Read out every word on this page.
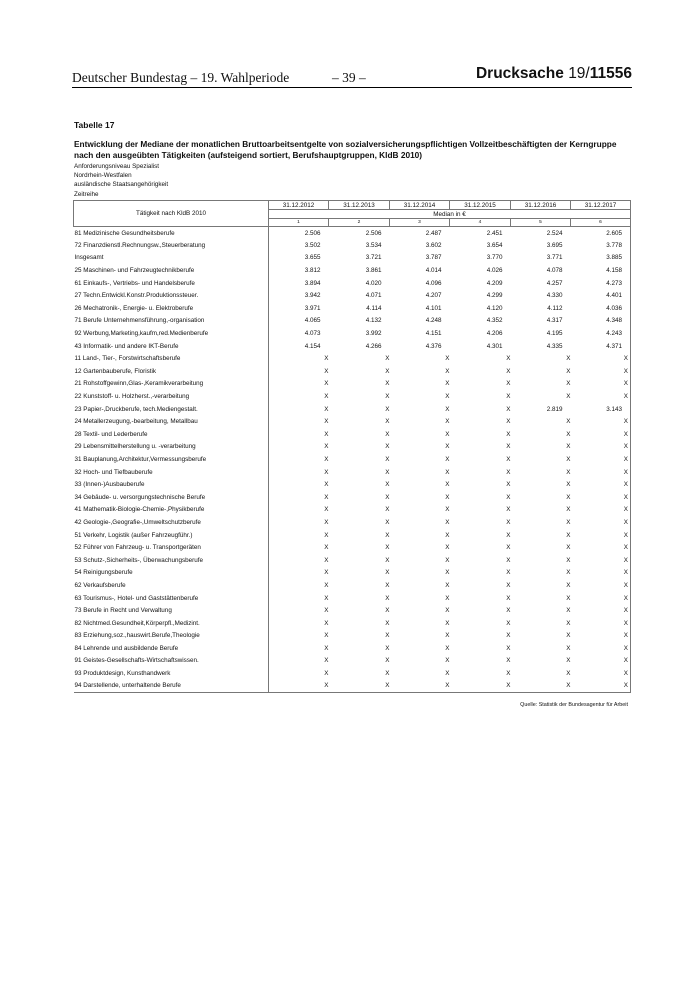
Deutscher Bundestag – 19. Wahlperiode	– 39 –	Drucksache 19/11556
Tabelle 17
Entwicklung der Mediane der monatlichen Bruttoarbeitsentgelte von sozialversicherungspflichtigen Vollzeitbeschäftigten der Kerngruppe nach den ausgeübten Tätigkeiten (aufsteigend sortiert, Berufshauptgruppen, KldB 2010)
Anforderungsniveau Spezialist
Nordrhein-Westfalen
ausländische Staatsangehörigkeit
Zeitreihe
Tätigkeit nach KldB 2010	31.12.2012	31.12.2013	31.12.2014	31.12.2015	31.12.2016	31.12.2017
	Median in €					
	1	2	3	4	5	6
81 Medizinische Gesundheitsberufe	2.506	2.506	2.487	2.451	2.524	2.605
72 Finanzdienstl.Rechnungsw.,Steuerberatung	3.502	3.534	3.602	3.654	3.695	3.778
Insgesamt	3.655	3.721	3.787	3.770	3.771	3.885
25 Maschinen- und Fahrzeugtechnikberufe	3.812	3.861	4.014	4.026	4.078	4.158
61 Einkaufs-, Vertriebs- und Handelsberufe	3.894	4.020	4.096	4.209	4.257	4.273
27 Techn.Entwickl.Konstr.Produktionssteuer.	3.942	4.071	4.207	4.299	4.330	4.401
26 Mechatronik-, Energie- u. Elektroberufe	3.971	4.114	4.101	4.120	4.112	4.036
71 Berufe Unternehmensführung,-organisation	4.065	4.132	4.248	4.352	4.317	4.348
92 Werbung,Marketing,kaufm,red.Medienberufe	4.073	3.992	4.151	4.206	4.195	4.243
43 Informatik- und andere IKT-Berufe	4.154	4.266	4.376	4.301	4.335	4.371
11 Land-, Tier-, Forstwirtschaftsberufe	X	X	X	X	X	X
12 Gartenbauberufe, Floristik	X	X	X	X	X	X
21 Rohstoffgewinn,Glas-,Keramikverarbeitung	X	X	X	X	X	X
22 Kunststoff- u. Holzherst.,-verarbeitung	X	X	X	X	X	X
23 Papier-,Druckberufe, tech.Mediengestalt.	X	X	X	X	2.819	3.143
24 Metallerzeugung,-bearbeitung, Metallbau	X	X	X	X	X	X
28 Textil- und Lederberufe	X	X	X	X	X	X
29 Lebensmittelherstellung u. -verarbeitung	X	X	X	X	X	X
31 Bauplanung,Architektur,Vermessungsberufe	X	X	X	X	X	X
32 Hoch- und Tiefbauberufe	X	X	X	X	X	X
33 (Innen-)Ausbauberufe	X	X	X	X	X	X
34 Gebäude- u. versorgungstechnische Berufe	X	X	X	X	X	X
41 Mathematik-Biologie-Chemie-,Physikberufe	X	X	X	X	X	X
42 Geologie-,Geografie-,Umweltschutzberufe	X	X	X	X	X	X
51 Verkehr, Logistik (außer Fahrzeugführ.)	X	X	X	X	X	X
52 Führer von Fahrzeug- u. Transportgeräten	X	X	X	X	X	X
53 Schutz-,Sicherheits-, Überwachungsberufe	X	X	X	X	X	X
54 Reinigungsberufe	X	X	X	X	X	X
62 Verkaufsberufe	X	X	X	X	X	X
63 Tourismus-, Hotel- und Gaststättenberufe	X	X	X	X	X	X
73 Berufe in Recht und Verwaltung	X	X	X	X	X	X
82 Nichtmed.Gesundheit,Körperpfl.,Medizint.	X	X	X	X	X	X
83 Erziehung,soz.,hauswirt.Berufe,Theologie	X	X	X	X	X	X
84 Lehrende und ausbildende Berufe	X	X	X	X	X	X
91 Geistes-Gesellschafts-Wirtschaftswissen.	X	X	X	X	X	X
93 Produktdesign, Kunsthandwerk	X	X	X	X	X	X
94 Darstellende, unterhaltende Berufe	X	X	X	X	X	X
Quelle: Statistik der Bundesagentur für Arbeit
